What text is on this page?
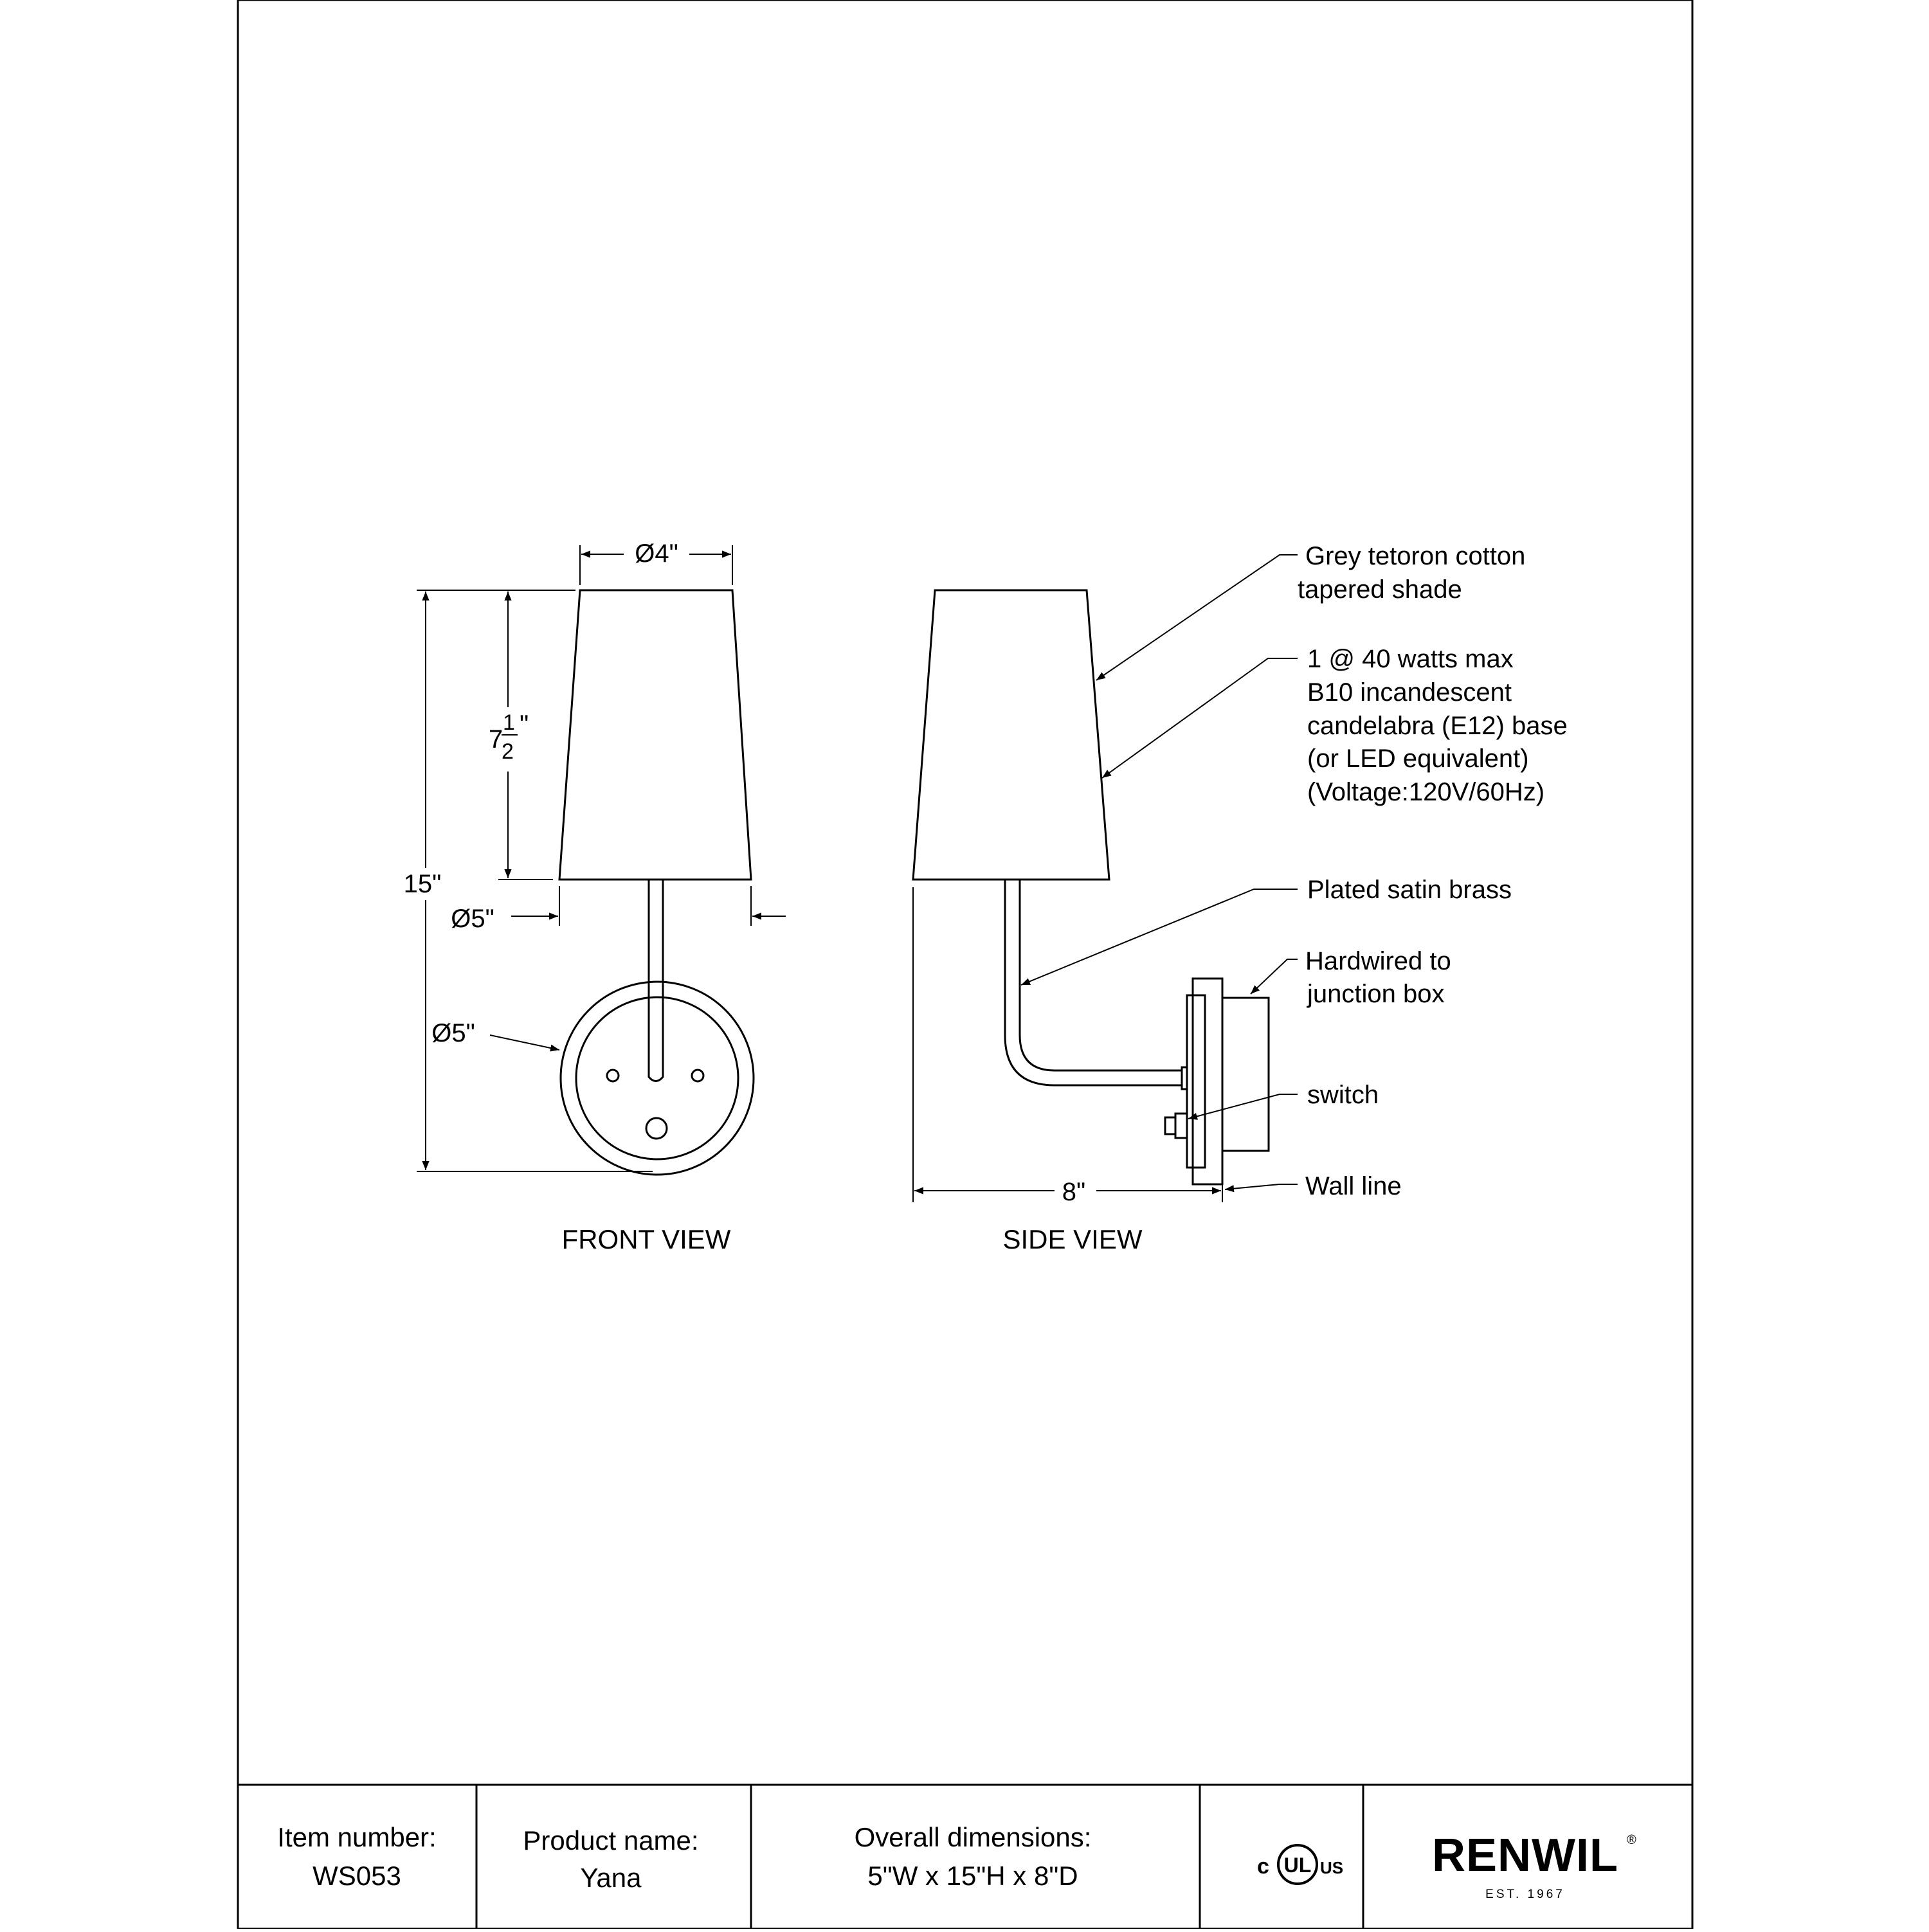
Ø4"
15"
7
1
2
"
Ø5"
Ø5"
FRONT VIEW
8"
SIDE VIEW
Grey tetoron cotton
tapered shade
1 @ 40 watts max
B10 incandescent
candelabra (E12) base
(or LED equivalent)
(Voltage:120V/60Hz)
Plated satin brass
Hardwired to
junction box
switch
Wall line
Item number:
WS053
Product name:
Yana
Overall dimensions:
5"W x 15"H x 8"D	c UL US RENWIL ®
EST. 1967
